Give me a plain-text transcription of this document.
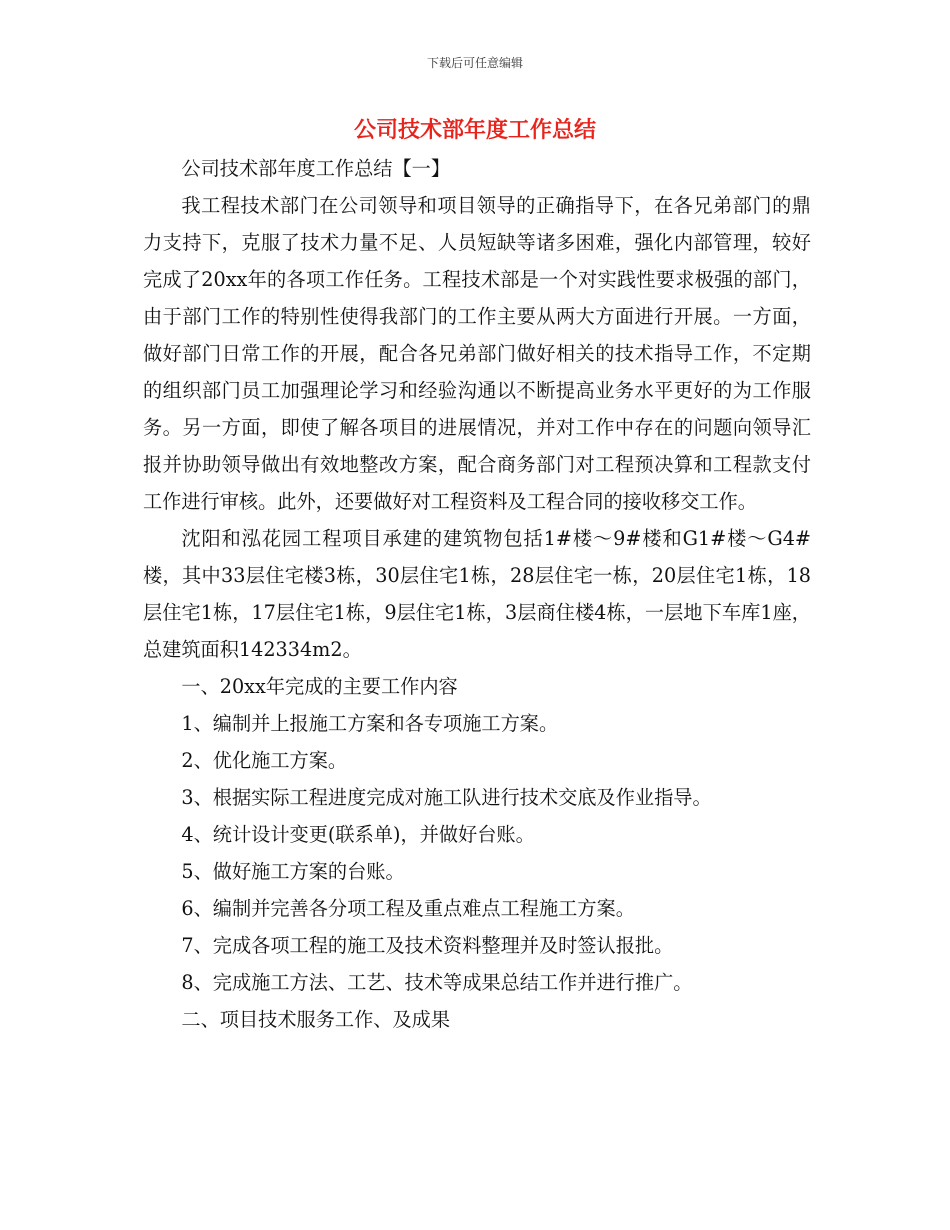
下载后可任意编辑
公司技术部年度工作总结

公司技术部年度工作总结【一】

我工程技术部门在公司领导和项目领导的正确指导下，在各兄弟部门的鼎力支持下，克服了技术力量不足、人员短缺等诸多困难，强化内部管理，较好完成了20xx年的各项工作任务。工程技术部是一个对实践性要求极强的部门，由于部门工作的特别性使得我部门的工作主要从两大方面进行开展。一方面，做好部门日常工作的开展，配合各兄弟部门做好相关的技术指导工作，不定期的组织部门员工加强理论学习和经验沟通以不断提高业务水平更好的为工作服务。另一方面，即使了解各项目的进展情况，并对工作中存在的问题向领导汇报并协助领导做出有效地整改方案，配合商务部门对工程预决算和工程款支付工作进行审核。此外，还要做好对工程资料及工程合同的接收移交工作。

沈阳和泓花园工程项目承建的建筑物包括1#楼～9#楼和G1#楼～G4#楼，其中33层住宅楼3栋，30层住宅1栋，28层住宅一栋，20层住宅1栋，18层住宅1栋，17层住宅1栋，9层住宅1栋，3层商住楼4栋，一层地下车库1座，总建筑面积142334m2。

一、20xx年完成的主要工作内容

1、编制并上报施工方案和各专项施工方案。

2、优化施工方案。

3、根据实际工程进度完成对施工队进行技术交底及作业指导。

4、统计设计变更(联系单)，并做好台账。

5、做好施工方案的台账。

6、编制并完善各分项工程及重点难点工程施工方案。

7、完成各项工程的施工及技术资料整理并及时签认报批。

8、完成施工方法、工艺、技术等成果总结工作并进行推广。

二、项目技术服务工作、及成果
